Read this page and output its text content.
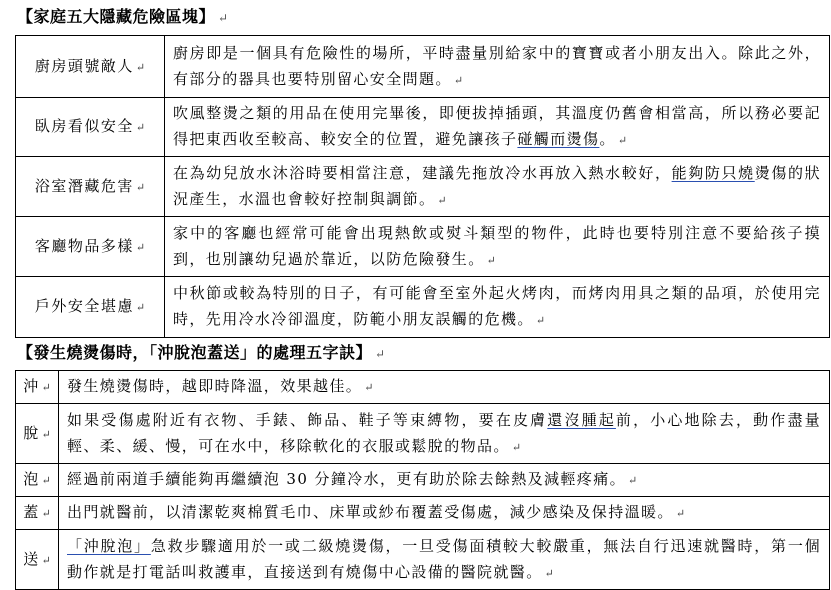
【家庭五大隱藏危險區塊】 ↵
廚房頭號敵人 ↵	廚房即是一個具有危險性的場所，平時盡量別給家中的寶寶或者小朋友出入。除此之外，有部分的器具也要特別留心安全問題。 ↵
臥房看似安全 ↵	吹風整燙之類的用品在使用完畢後，即便拔掉插頭，其溫度仍舊會相當高，所以務必要記得把東西收至較高、較安全的位置，避免讓孩子碰觸而燙傷。 ↵
浴室潛藏危害 ↵	在為幼兒放水沐浴時要相當注意，建議先拖放冷水再放入熱水較好，能夠防只燒燙傷的狀況產生，水溫也會較好控制與調節。 ↵
客廳物品多樣 ↵	家中的客廳也經常可能會出現熱飲或熨斗類型的物件，此時也要特別注意不要給孩子摸到，也別讓幼兒過於靠近，以防危險發生。 ↵
戶外安全堪慮 ↵	中秋節或較為特別的日子，有可能會至室外起火烤肉，而烤肉用具之類的品項，於使用完時，先用冷水冷卻溫度，防範小朋友誤觸的危機。 ↵
【發生燒燙傷時，「沖脫泡蓋送」的處理五字訣】 ↵
沖 ↵	發生燒燙傷時，越即時降溫，效果越佳。 ↵
脫 ↵	如果受傷處附近有衣物、手錶、飾品、鞋子等束縛物，要在皮膚還沒腫起前，小心地除去，動作盡量輕、柔、緩、慢，可在水中，移除軟化的衣服或鬆脫的物品。 ↵
泡 ↵	經過前兩道手續能夠再繼續泡 30 分鐘冷水，更有助於除去餘熱及減輕疼痛。 ↵
蓋 ↵	出門就醫前，以清潔乾爽棉質毛巾、床單或紗布覆蓋受傷處，減少感染及保持溫暖。 ↵
送 ↵	「沖脫泡」急救步驟適用於一或二級燒燙傷，一旦受傷面積較大較嚴重，無法自行迅速就醫時，第一個動作就是打電話叫救護車，直接送到有燒傷中心設備的醫院就醫。 ↵
